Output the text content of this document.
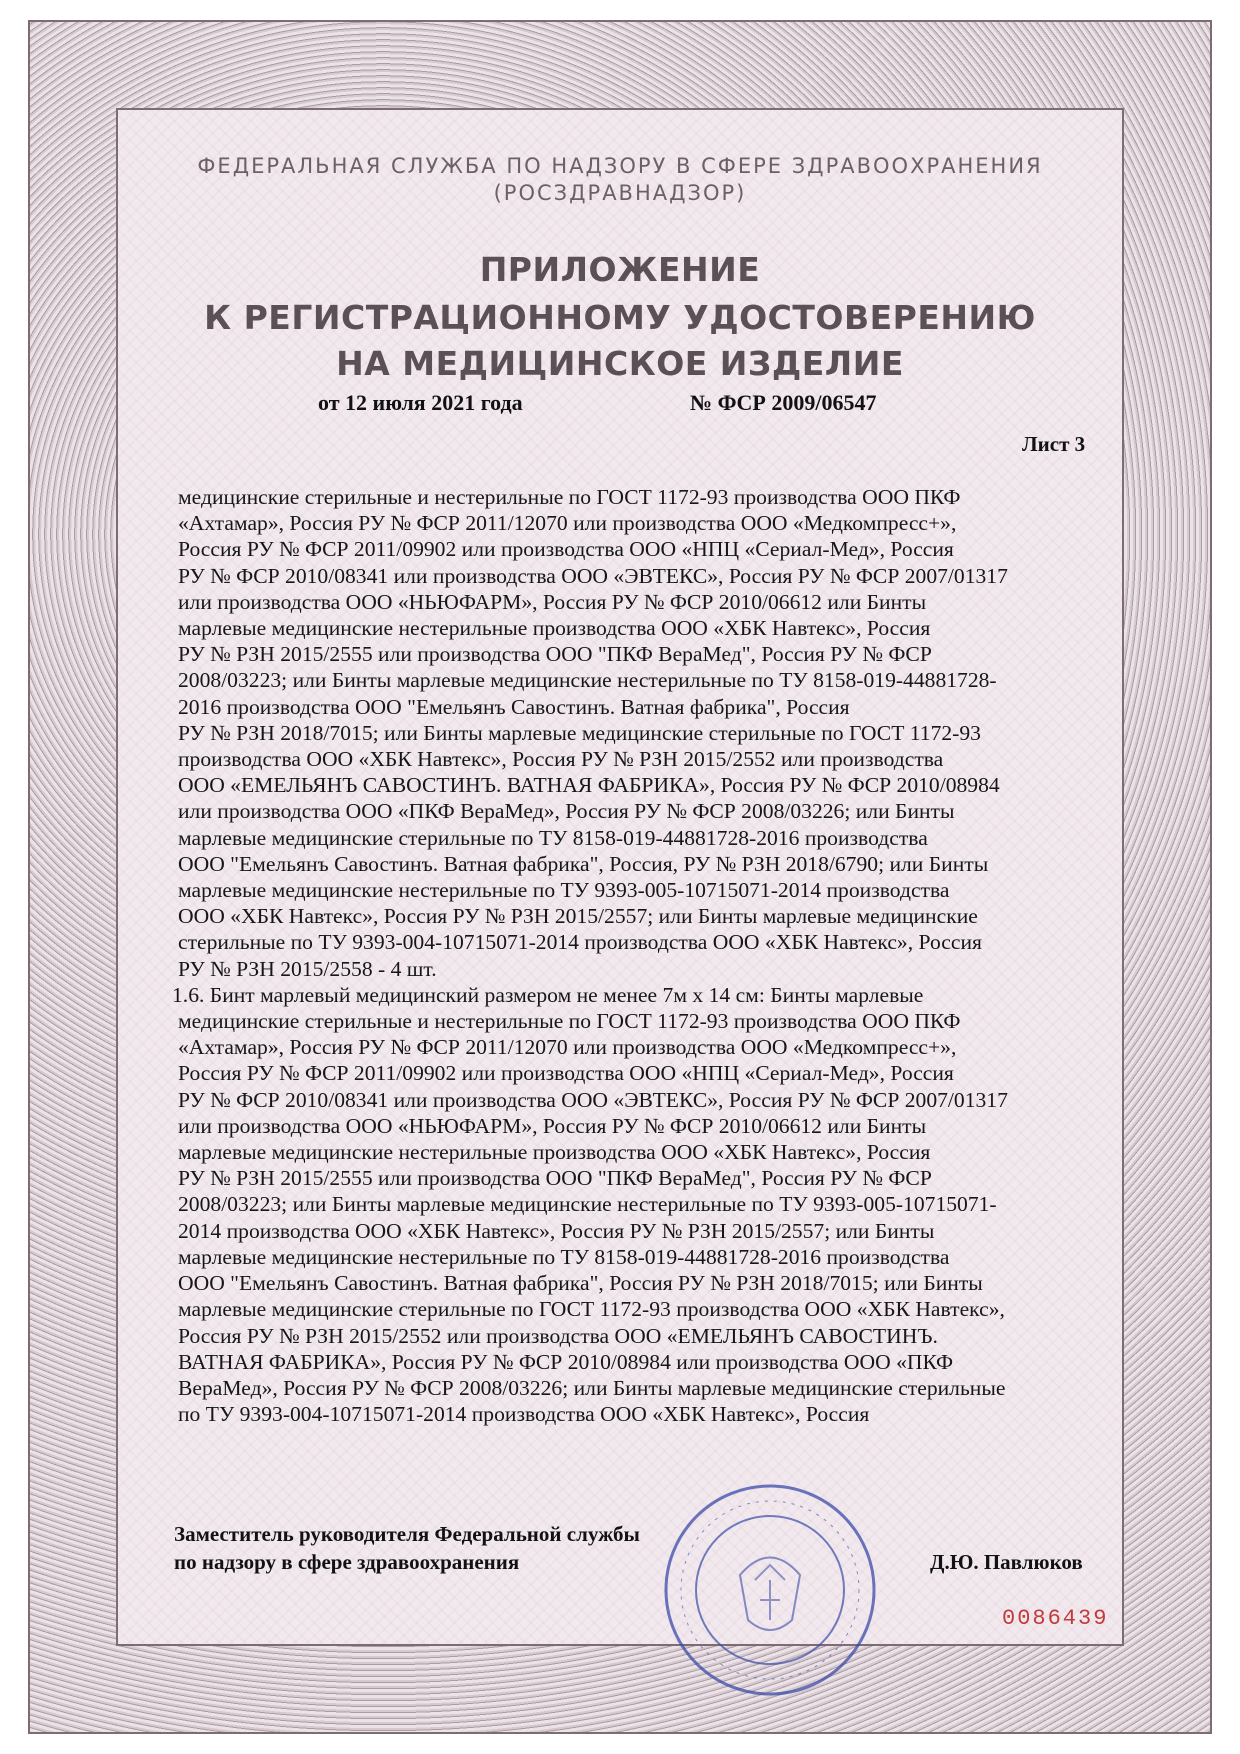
ФЕДЕРАЛЬНАЯ СЛУЖБА ПО НАДЗОРУ В СФЕРЕ ЗДРАВООХРАНЕНИЯ
(РОСЗДРАВНАДЗОР)
ПРИЛОЖЕНИЕ
К РЕГИСТРАЦИОННОМУ УДОСТОВЕРЕНИЮ
НА МЕДИЦИНСКОЕ ИЗДЕЛИЕ
от 12 июля 2021 года	№ ФСР 2009/06547
Лист 3

медицинские стерильные и нестерильные по ГОСТ 1172-93 производства ООО ПКФ

«Ахтамар», Россия РУ № ФСР 2011/12070 или производства ООО «Медкомпресс+»,

Россия РУ № ФСР 2011/09902 или производства ООО «НПЦ «Сериал-Мед», Россия

РУ № ФСР 2010/08341 или производства ООО «ЭВТЕКС», Россия РУ № ФСР 2007/01317

или производства ООО «НЬЮФАРМ», Россия РУ № ФСР 2010/06612 или Бинты

марлевые медицинские нестерильные производства ООО «ХБК Навтекс», Россия

РУ № РЗН 2015/2555 или производства ООО "ПКФ ВераМед", Россия РУ № ФСР

2008/03223; или Бинты марлевые медицинские нестерильные по ТУ 8158-019-44881728-

2016 производства ООО "Емельянъ Савостинъ. Ватная фабрика", Россия

РУ № РЗН 2018/7015; или Бинты марлевые медицинские стерильные по ГОСТ 1172-93

производства ООО «ХБК Навтекс», Россия РУ № РЗН 2015/2552 или производства

ООО «ЕМЕЛЬЯНЪ САВОСТИНЪ. ВАТНАЯ ФАБРИКА», Россия РУ № ФСР 2010/08984

или производства ООО «ПКФ ВераМед», Россия РУ № ФСР 2008/03226; или Бинты

марлевые медицинские стерильные по ТУ 8158-019-44881728-2016 производства

ООО "Емельянъ Савостинъ. Ватная фабрика", Россия, РУ № РЗН 2018/6790; или Бинты

марлевые медицинские нестерильные по ТУ 9393-005-10715071-2014 производства

ООО «ХБК Навтекс», Россия РУ № РЗН 2015/2557; или Бинты марлевые медицинские

стерильные по ТУ 9393-004-10715071-2014 производства ООО «ХБК Навтекс», Россия

РУ № РЗН 2015/2558 - 4 шт.

1.6. Бинт марлевый медицинский размером не менее 7м х 14 см: Бинты марлевые

медицинские стерильные и нестерильные по ГОСТ 1172-93 производства ООО ПКФ

«Ахтамар», Россия РУ № ФСР 2011/12070 или производства ООО «Медкомпресс+»,

Россия РУ № ФСР 2011/09902 или производства ООО «НПЦ «Сериал-Мед», Россия

РУ № ФСР 2010/08341 или производства ООО «ЭВТЕКС», Россия РУ № ФСР 2007/01317

или производства ООО «НЬЮФАРМ», Россия РУ № ФСР 2010/06612 или Бинты

марлевые медицинские нестерильные производства ООО «ХБК Навтекс», Россия

РУ № РЗН 2015/2555 или производства ООО "ПКФ ВераМед", Россия РУ № ФСР

2008/03223; или Бинты марлевые медицинские нестерильные по ТУ 9393-005-10715071-

2014 производства ООО «ХБК Навтекс», Россия РУ № РЗН 2015/2557; или Бинты

марлевые медицинские нестерильные по ТУ 8158-019-44881728-2016 производства

ООО "Емельянъ Савостинъ. Ватная фабрика", Россия РУ № РЗН 2018/7015; или Бинты

марлевые медицинские стерильные по ГОСТ 1172-93 производства ООО «ХБК Навтекс»,

Россия РУ № РЗН 2015/2552 или производства ООО «ЕМЕЛЬЯНЪ САВОСТИНЪ.

ВАТНАЯ ФАБРИКА», Россия РУ № ФСР 2010/08984 или производства ООО «ПКФ

ВераМед», Россия РУ № ФСР 2008/03226; или Бинты марлевые медицинские стерильные

по ТУ 9393-004-10715071-2014 производства ООО «ХБК Навтекс», Россия

Заместитель руководителя Федеральной службы
по надзору в сфере здравоохранения	Д.Ю. Павлюков
0086439
